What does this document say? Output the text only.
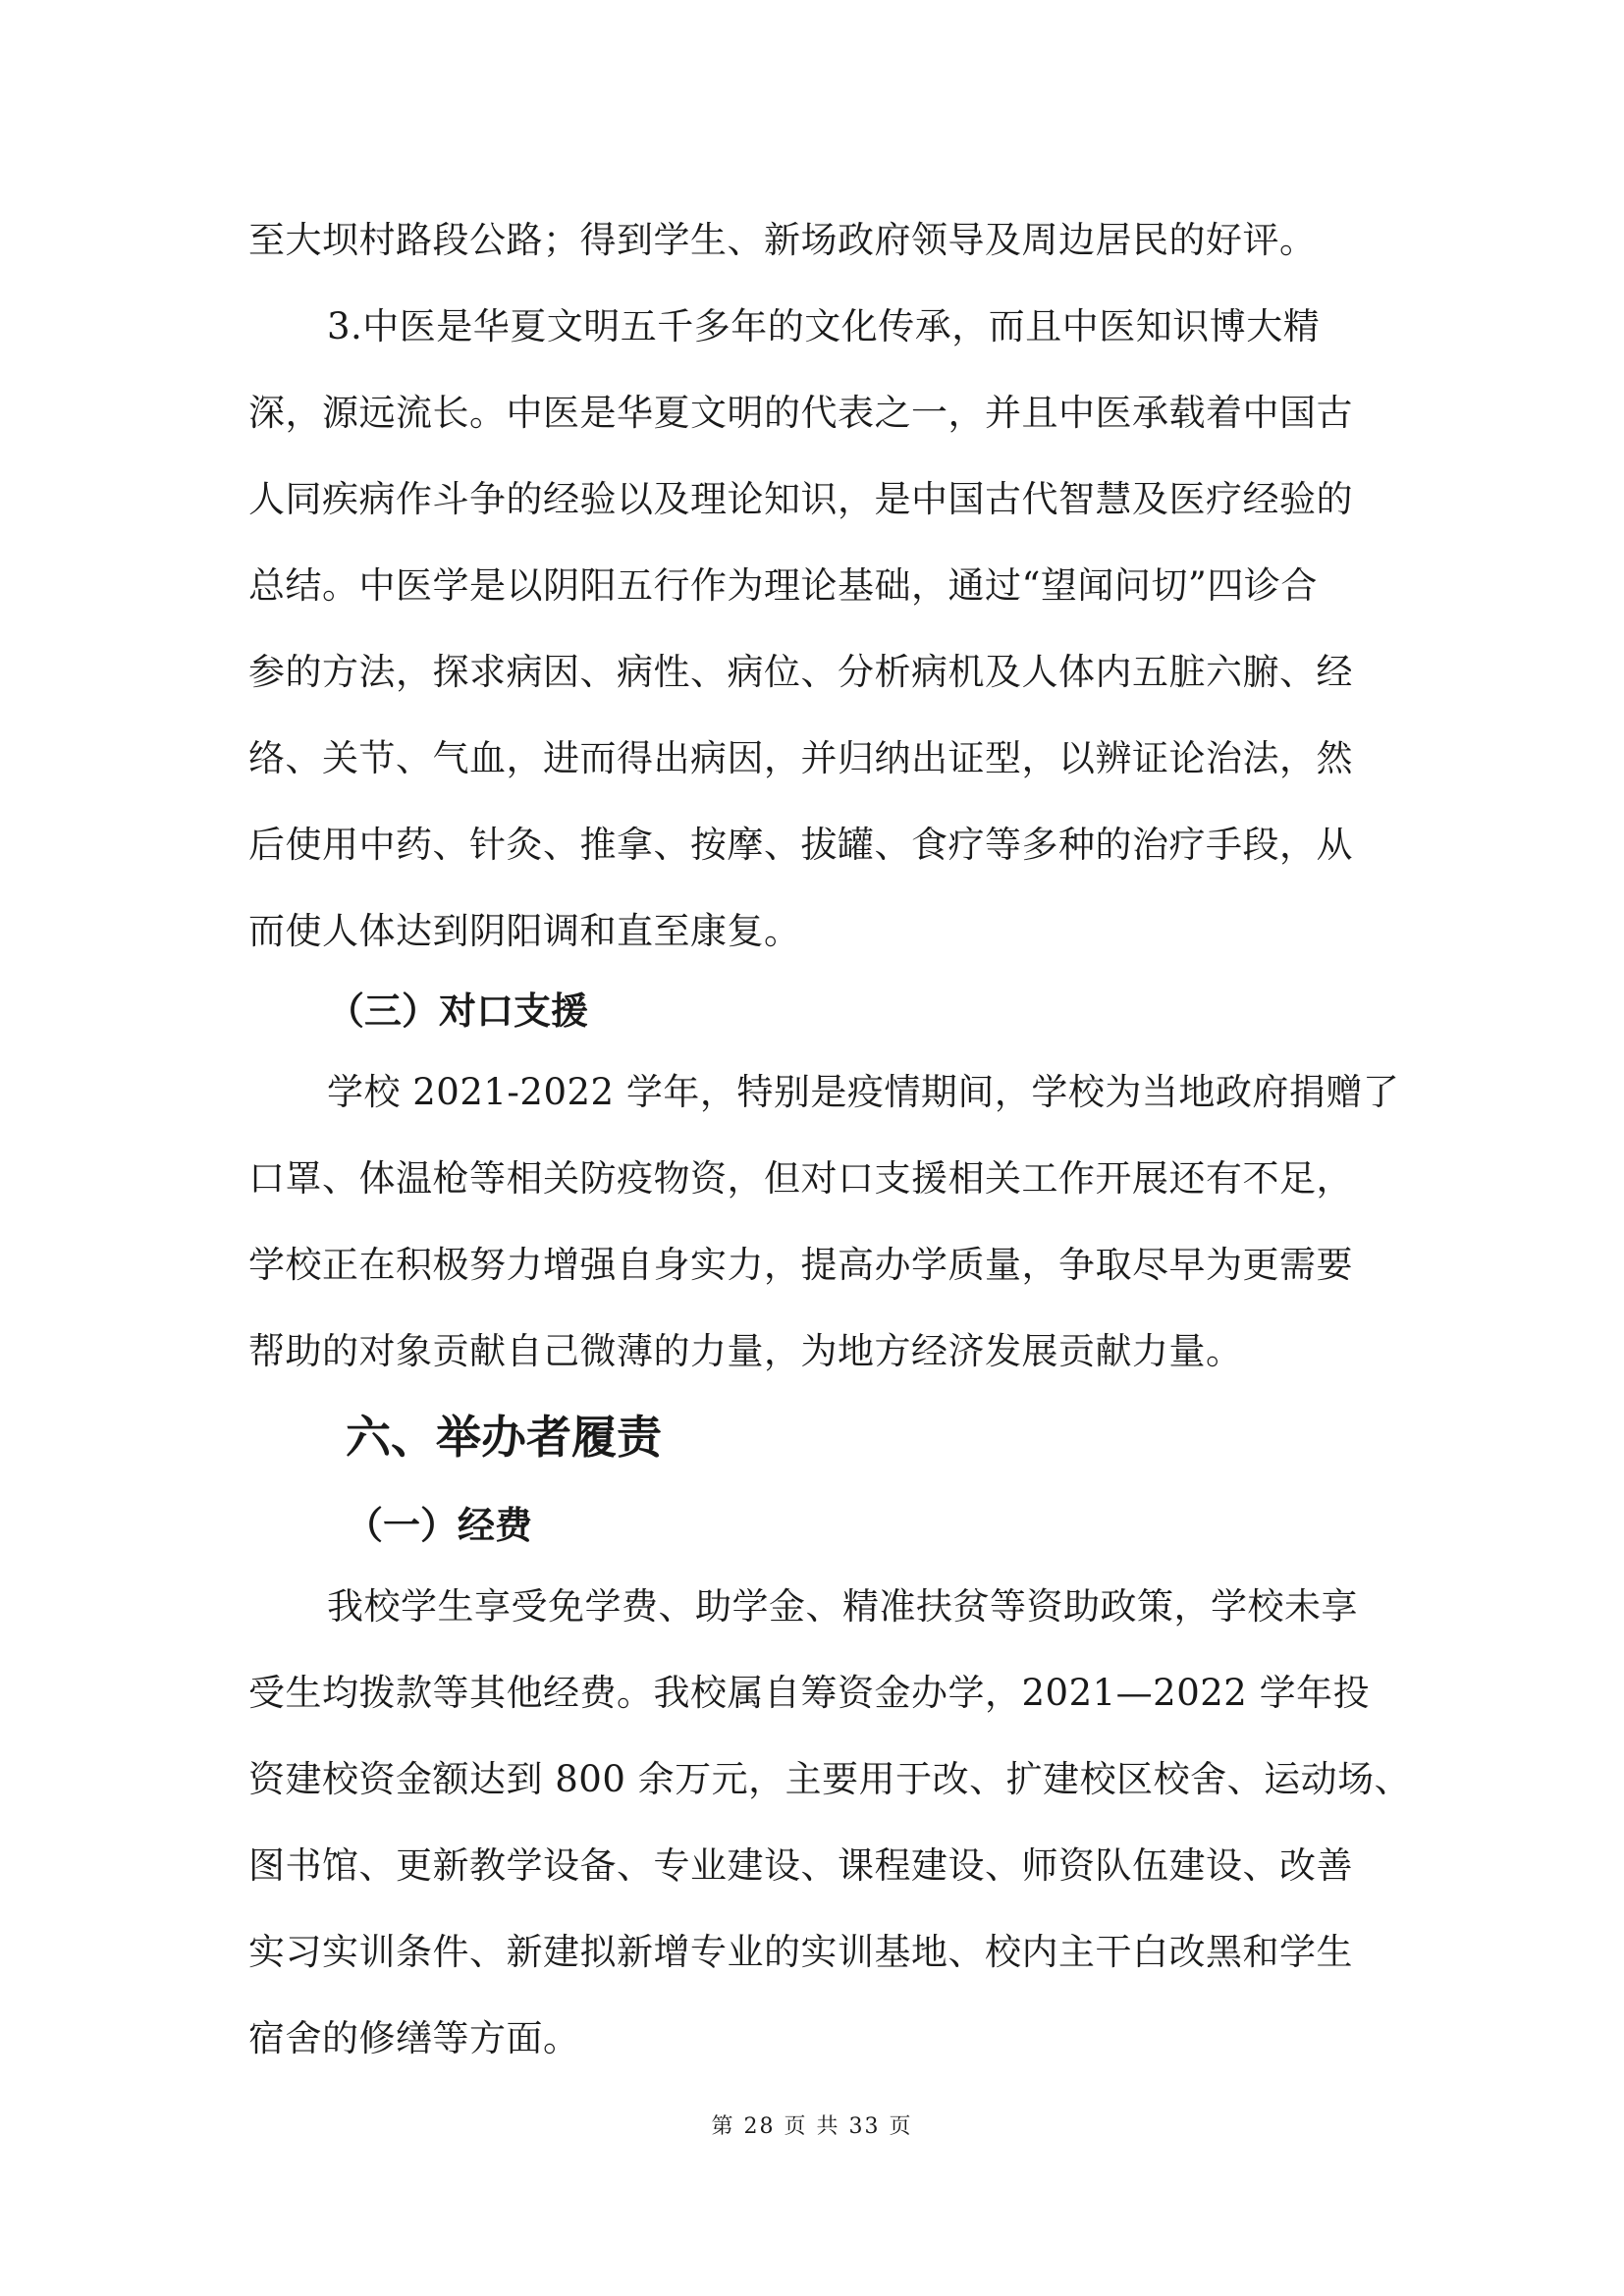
至大坝村路段公路；得到学生、新场政府领导及周边居民的好评。
3.中医是华夏文明五千多年的文化传承，而且中医知识博大精
深，源远流长。中医是华夏文明的代表之一，并且中医承载着中国古
人同疾病作斗争的经验以及理论知识，是中国古代智慧及医疗经验的
总结。中医学是以阴阳五行作为理论基础，通过“望闻问切”四诊合
参的方法，探求病因、病性、病位、分析病机及人体内五脏六腑、经
络、关节、气血，进而得出病因，并归纳出证型，以辨证论治法，然
后使用中药、针灸、推拿、按摩、拔罐、食疗等多种的治疗手段，从
而使人体达到阴阳调和直至康复。
（三）对口支援
学校 2021-2022 学年，特别是疫情期间，学校为当地政府捐赠了
口罩、体温枪等相关防疫物资，但对口支援相关工作开展还有不足，
学校正在积极努力增强自身实力，提高办学质量，争取尽早为更需要
帮助的对象贡献自己微薄的力量，为地方经济发展贡献力量。
六、举办者履责
（一）经费
我校学生享受免学费、助学金、精准扶贫等资助政策，学校未享
受生均拨款等其他经费。我校属自筹资金办学，2021—2022 学年投
资建校资金额达到 800 余万元，主要用于改、扩建校区校舍、运动场、
图书馆、更新教学设备、专业建设、课程建设、师资队伍建设、改善
实习实训条件、新建拟新增专业的实训基地、校内主干白改黑和学生
宿舍的修缮等方面。
第 28 页 共 33 页
